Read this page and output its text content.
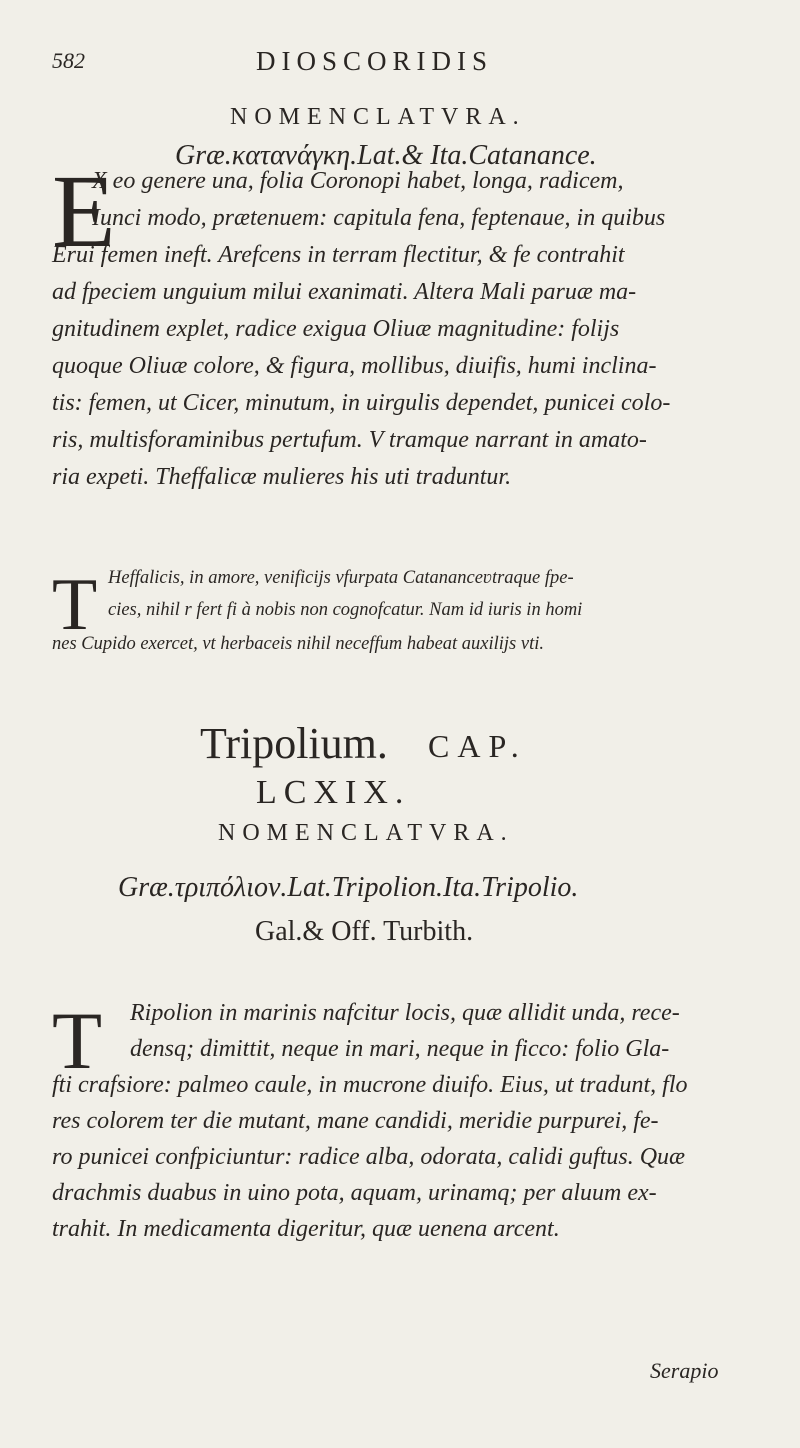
582	DIOSCORIDIS
NOMENCLATVRA.
Græ.κατανάγκη.Lat.& Ita.Catanance.
E
X eo genere una, folia Coronopi habet, longa, radicem,
Iunci modo, prætenuem: capitula fena, feptenaue, in quibus
Erui femen ineft. Arefcens in terram flectitur, & fe contrahit
ad fpeciem unguium milui exanimati. Altera Mali paruæ ma-
gnitudinem explet, radice exigua Oliuæ magnitudine: folijs
quoque Oliuæ colore, & figura, mollibus, diuifis, humi inclina-
tis: femen, ut Cicer, minutum, in uirgulis dependet, punicei colo-
ris, multisforaminibus pertufum. V tramque narrant in amato-
ria expeti. Theffalicæ mulieres his uti traduntur.
T Heffalicis, in amore, venificijs vfurpata Catananceʋtraque fpe-
cies, nihil r fert fi à nobis non cognofcatur. Nam id iuris in homi
nes Cupido exercet, vt herbaceis nihil neceffum habeat auxilijs vti.
Tripolium. CAP.
LCXIX.
NOMENCLATVRA.
Græ.τριπόλιον.Lat.Tripolion.Ita.Tripolio.
Gal.& Off. Turbith.
T Ripolion in marinis nafcitur locis, quæ allidit unda, rece-
densq; dimittit, neque in mari, neque in ficco: folio Gla-
fti crafsiore: palmeo caule, in mucrone diuifo. Eius, ut tradunt, flo
res colorem ter die mutant, mane candidi, meridie purpurei, fe-
ro punicei confpiciuntur: radice alba, odorata, calidi guftus. Quæ
drachmis duabus in uino pota, aquam, urinamq; per aluum ex-
trahit. In medicamenta digeritur, quæ uenena arcent.
Serapio
